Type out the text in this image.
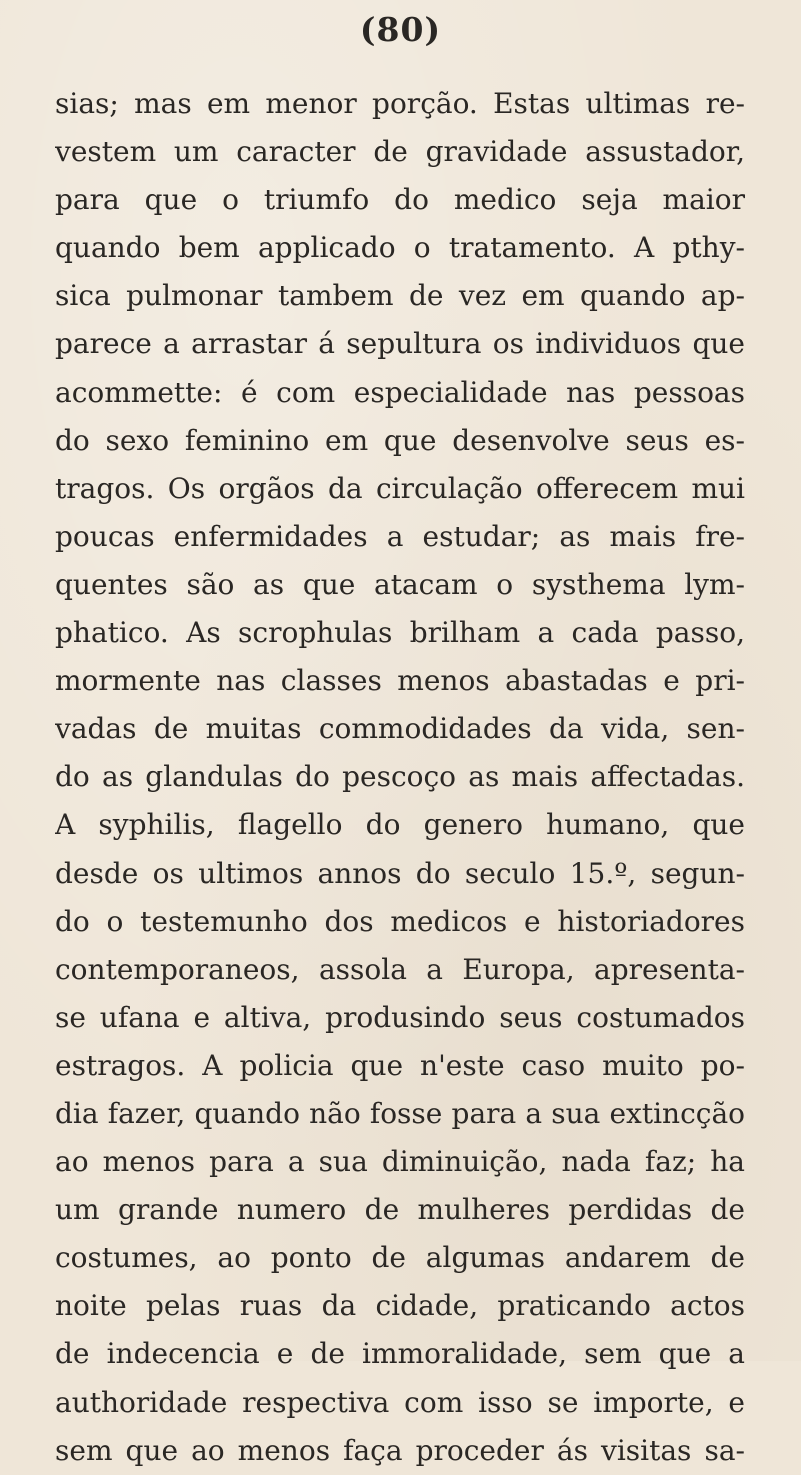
(80)
sias; mas em menor porção. Estas ultimas re-
vestem um caracter de gravidade assustador,
para que o triumfo do medico seja maior
quando bem applicado o tratamento. A pthy-
sica pulmonar tambem de vez em quando ap-
parece a arrastar á sepultura os individuos que
acommette: é com especialidade nas pessoas
do sexo feminino em que desenvolve seus es-
tragos. Os orgãos da circulação offerecem mui
poucas enfermidades a estudar; as mais fre-
quentes são as que atacam o systhema lym-
phatico. As scrophulas brilham a cada passo,
mormente nas classes menos abastadas e pri-
vadas de muitas commodidades da vida, sen-
do as glandulas do pescoço as mais affectadas.
A syphilis, flagello do genero humano, que
desde os ultimos annos do seculo 15.º, segun-
do o testemunho dos medicos e historiadores
contemporaneos, assola a Europa, apresenta-
se ufana e altiva, produsindo seus costumados
estragos. A policia que n'este caso muito po-
dia fazer, quando não fosse para a sua extincção
ao menos para a sua diminuição, nada faz; ha
um grande numero de mulheres perdidas de
costumes, ao ponto de algumas andarem de
noite pelas ruas da cidade, praticando actos
de indecencia e de immoralidade, sem que a
authoridade respectiva com isso se importe, e
sem que ao menos faça proceder ás visitas sa-
